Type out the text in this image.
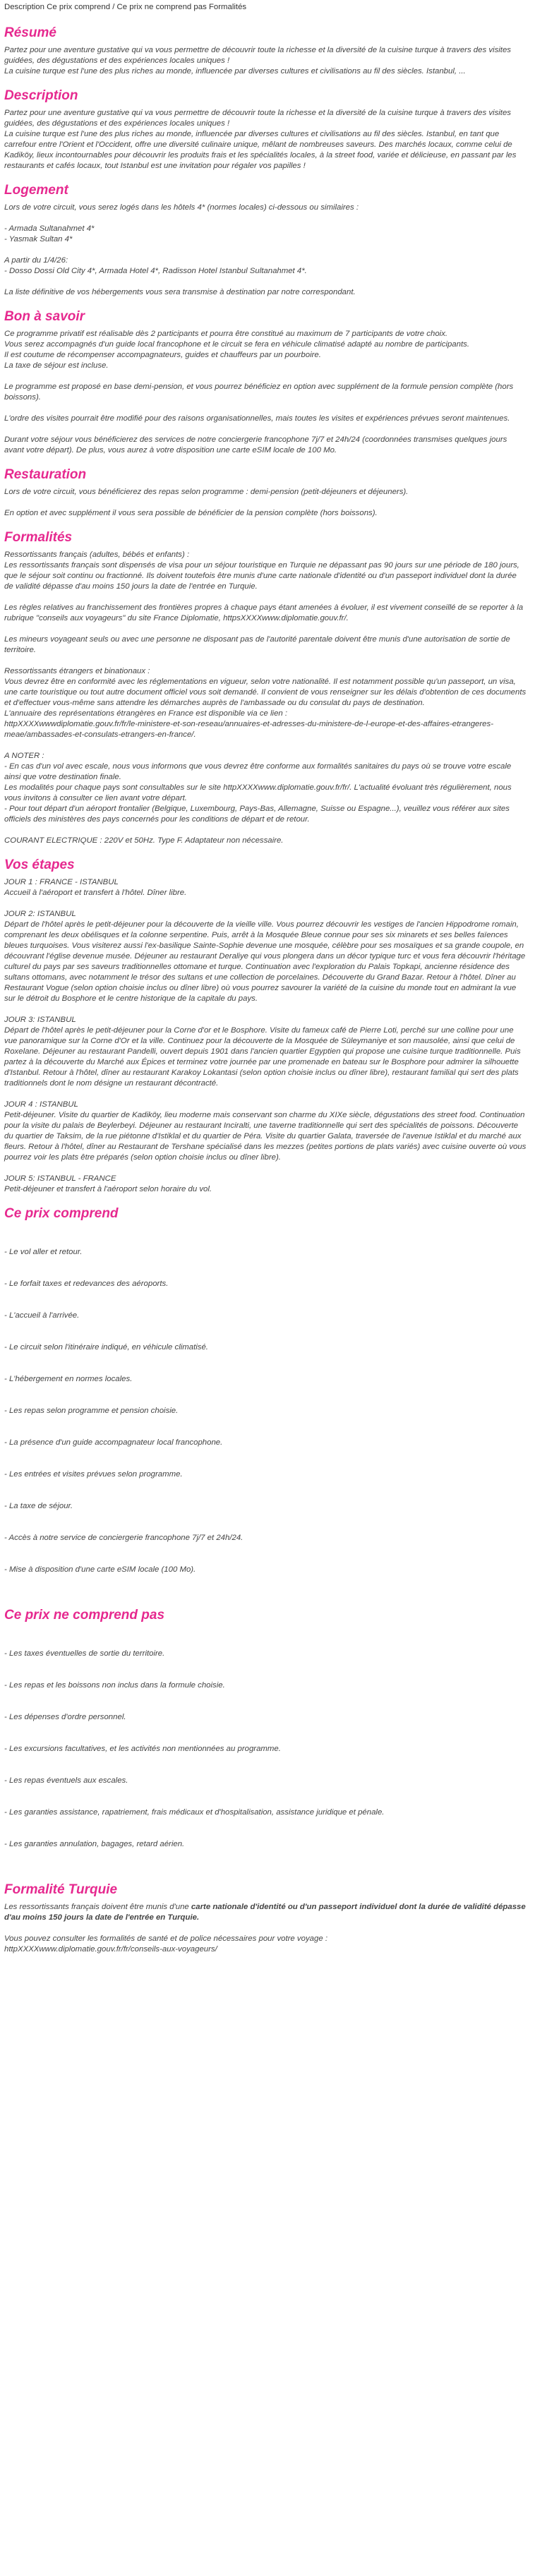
Description Ce prix comprend / Ce prix ne comprend pas Formalités
Résumé

Partez pour une aventure gustative qui va vous permettre de découvrir toute la richesse et la diversité de la cuisine turque à travers des visites guidées, des dégustations et des expériences locales uniques !
La cuisine turque est l'une des plus riches au monde, influencée par diverses cultures et civilisations au fil des siècles. Istanbul, ...

Description

Partez pour une aventure gustative qui va vous permettre de découvrir toute la richesse et la diversité de la cuisine turque à travers des visites guidées, des dégustations et des expériences locales uniques !
La cuisine turque est l'une des plus riches au monde, influencée par diverses cultures et civilisations au fil des siècles. Istanbul, en tant que carrefour entre l'Orient et l'Occident, offre une diversité culinaire unique, mêlant de nombreuses saveurs. Des marchés locaux, comme celui de Kadiköy, lieux incontournables pour découvrir les produits frais et les spécialités locales, à la street food, variée et délicieuse, en passant par les restaurants et cafés locaux, tout Istanbul est une invitation pour régaler vos papilles !

Logement

Lors de votre circuit, vous serez logés dans les hôtels 4* (normes locales) ci-dessous ou similaires :

- Armada Sultanahmet 4*
- Yasmak Sultan 4*

A partir du 1/4/26:
- Dosso Dossi Old City 4*, Armada Hotel 4*, Radisson Hotel Istanbul Sultanahmet 4*.

La liste définitive de vos hébergements vous sera transmise à destination par notre correspondant.

Bon à savoir

Ce programme privatif est réalisable dès 2 participants et pourra être constitué au maximum de 7 participants de votre choix.
Vous serez accompagnés d'un guide local francophone et le circuit se fera en véhicule climatisé adapté au nombre de participants.
Il est coutume de récompenser accompagnateurs, guides et chauffeurs par un pourboire.
La taxe de séjour est incluse.

Le programme est proposé en base demi-pension, et vous pourrez bénéficiez en option avec supplément de la formule pension complète (hors boissons).

L'ordre des visites pourrait être modifié pour des raisons organisationnelles, mais toutes les visites et expériences prévues seront maintenues.

Durant votre séjour vous bénéficierez des services de notre conciergerie francophone 7j/7 et 24h/24 (coordonnées transmises quelques jours avant votre départ). De plus, vous aurez à votre disposition une carte eSIM locale de 100 Mo.

Restauration

Lors de votre circuit, vous bénéficierez des repas selon programme : demi-pension (petit-déjeuners et déjeuners).

En option et avec supplément il vous sera possible de bénéficier de la pension complète (hors boissons).

Formalités

Ressortissants français (adultes, bébés et enfants) :
Les ressortissants français sont dispensés de visa pour un séjour touristique en Turquie ne dépassant pas 90 jours sur une période de 180 jours, que le séjour soit continu ou fractionné. Ils doivent toutefois être munis d'une carte nationale d'identité ou d'un passeport individuel dont la durée de validité dépasse d'au moins 150 jours la date de l'entrée en Turquie.

Les règles relatives au franchissement des frontières propres à chaque pays étant amenées à évoluer, il est vivement conseillé de se reporter à la rubrique "conseils aux voyageurs" du site France Diplomatie, httpsXXXXwww.diplomatie.gouv.fr/.

Les mineurs voyageant seuls ou avec une personne ne disposant pas de l'autorité parentale doivent être munis d'une autorisation de sortie de territoire.

Ressortissants étrangers et binationaux :
Vous devrez être en conformité avec les réglementations en vigueur, selon votre nationalité. Il est notamment possible qu'un passeport, un visa, une carte touristique ou tout autre document officiel vous soit demandé. Il convient de vous renseigner sur les délais d'obtention de ces documents et d'effectuer vous-même sans attendre les démarches auprès de l'ambassade ou du consulat du pays de destination.
L'annuaire des représentations étrangères en France est disponible via ce lien :
httpXXXXwwwdiplomatie.gouv.fr/fr/le-ministere-et-son-reseau/annuaires-et-adresses-du-ministere-de-l-europe-et-des-affaires-etrangeres-meae/ambassades-et-consulats-etrangers-en-france/.

A NOTER :
- En cas d'un vol avec escale, nous vous informons que vous devrez être conforme aux formalités sanitaires du pays où se trouve votre escale ainsi que votre destination finale.
Les modalités pour chaque pays sont consultables sur le site httpXXXXwww.diplomatie.gouv.fr/fr/. L'actualité évoluant très régulièrement, nous vous invitons à consulter ce lien avant votre départ.
- Pour tout départ d'un aéroport frontalier (Belgique, Luxembourg, Pays-Bas, Allemagne, Suisse ou Espagne...), veuillez vous référer aux sites officiels des ministères des pays concernés pour les conditions de départ et de retour.

COURANT ELECTRIQUE : 220V et 50Hz. Type F. Adaptateur non nécessaire.

Vos étapes

JOUR 1 : FRANCE - ISTANBUL
Accueil à l'aéroport et transfert à l'hôtel. Dîner libre.

JOUR 2: ISTANBUL
Départ de l'hôtel après le petit-déjeuner pour la découverte de la vieille ville. Vous pourrez découvrir les vestiges de l'ancien Hippodrome romain, comprenant les deux obélisques et la colonne serpentine. Puis, arrêt à la Mosquée Bleue connue pour ses six minarets et ses belles faïences bleues turquoises. Vous visiterez aussi l'ex-basilique Sainte-Sophie devenue une mosquée, célèbre pour ses mosaïques et sa grande coupole, en découvrant l'église devenue musée. Déjeuner au restaurant Deraliye qui vous plongera dans un décor typique turc et vous fera découvrir l'héritage culturel du pays par ses saveurs traditionnelles ottomane et turque. Continuation avec l'exploration du Palais Topkapi, ancienne résidence des sultans ottomans, avec notamment le trésor des sultans et une collection de porcelaines. Découverte du Grand Bazar. Retour à l'hôtel. Dîner au Restaurant Vogue (selon option choisie inclus ou dîner libre) où vous pourrez savourer la variété de la cuisine du monde tout en admirant la vue sur le détroit du Bosphore et le centre historique de la capitale du pays.

JOUR 3: ISTANBUL
Départ de l'hôtel après le petit-déjeuner pour la Corne d'or et le Bosphore. Visite du fameux café de Pierre Loti, perché sur une colline pour une vue panoramique sur la Corne d'Or et la ville. Continuez pour la découverte de la Mosquée de Süleymaniye et son mausolée, ainsi que celui de Roxelane. Déjeuner au restaurant Pandelli, ouvert depuis 1901 dans l'ancien quartier Egyptien qui propose une cuisine turque traditionnelle. Puis partez à la découverte du Marché aux Épices et terminez votre journée par une promenade en bateau sur le Bosphore pour admirer la silhouette d'Istanbul. Retour à l'hôtel, dîner au restaurant Karakoy Lokantasi (selon option choisie inclus ou dîner libre), restaurant familial qui sert des plats traditionnels dont le nom désigne un restaurant décontracté.

JOUR 4 : ISTANBUL
Petit-déjeuner. Visite du quartier de Kadiköy, lieu moderne mais conservant son charme du XIXe siècle, dégustations des street food. Continuation pour la visite du palais de Beylerbeyi. Déjeuner au restaurant Inciralti, une taverne traditionnelle qui sert des spécialités de poissons. Découverte du quartier de Taksim, de la rue piétonne d'Istiklal et du quartier de Péra. Visite du quartier Galata, traversée de l'avenue Istiklal et du marché aux fleurs. Retour à l'hôtel, dîner au Restaurant de Tershane spécialisé dans les mezzes (petites portions de plats variés) avec cuisine ouverte où vous pourrez voir les plats être préparés (selon option choisie inclus ou dîner libre).

JOUR 5: ISTANBUL - FRANCE
Petit-déjeuner et transfert à l'aéroport selon horaire du vol.

Ce prix comprend

- Le vol aller et retour.

- Le forfait taxes et redevances des aéroports.

- L'accueil à l'arrivée.

- Le circuit selon l'itinéraire indiqué, en véhicule climatisé.

- L'hébergement en normes locales.

- Les repas selon programme et pension choisie.

- La présence d'un guide accompagnateur local francophone.

- Les entrées et visites prévues selon programme.

- La taxe de séjour.

- Accès à notre service de conciergerie francophone 7j/7 et 24h/24.

- Mise à disposition d'une carte eSIM locale (100 Mo).

Ce prix ne comprend pas

- Les taxes éventuelles de sortie du territoire.

- Les repas et les boissons non inclus dans la formule choisie.

- Les dépenses d'ordre personnel.

- Les excursions facultatives, et les activités non mentionnées au programme.

- Les repas éventuels aux escales.

- Les garanties assistance, rapatriement, frais médicaux et d'hospitalisation, assistance juridique et pénale.

- Les garanties annulation, bagages, retard aérien.

Formalité Turquie

Les ressortissants français doivent être munis d'une carte nationale d'identité ou d'un passeport individuel dont la durée de validité dépasse d'au moins 150 jours la date de l'entrée en Turquie.

Vous pouvez consulter les formalités de santé et de police nécessaires pour votre voyage :
httpXXXXwww.diplomatie.gouv.fr/fr/conseils-aux-voyageurs/
